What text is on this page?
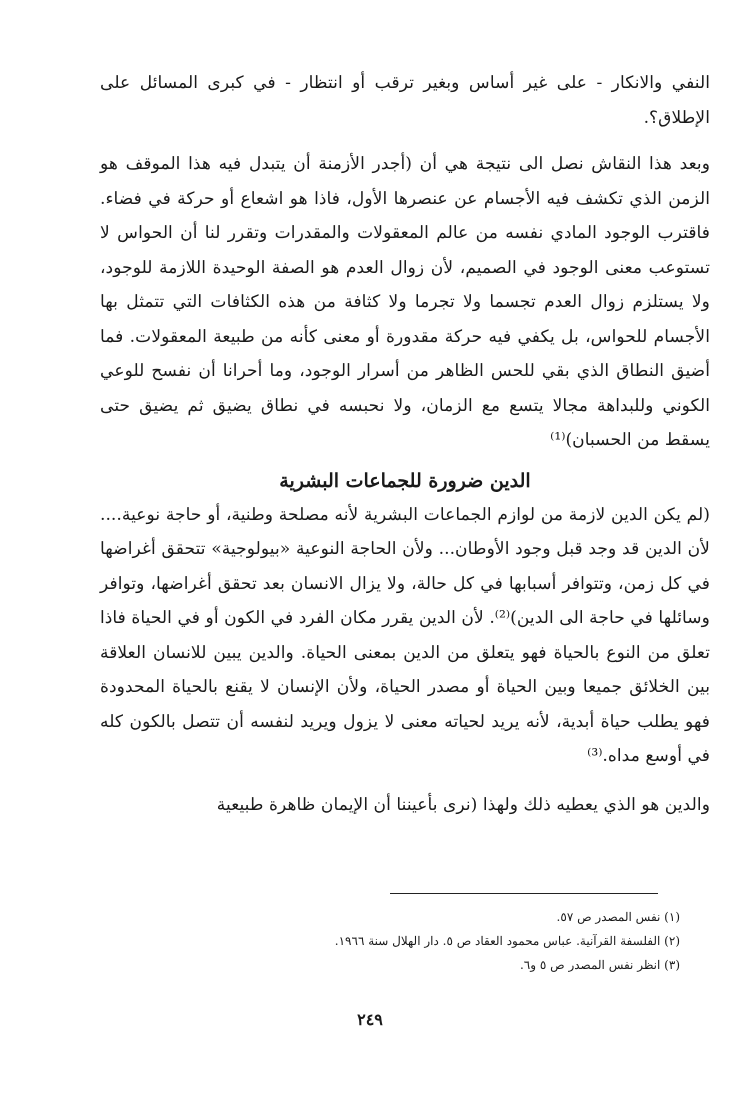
النفي والانكار - على غير أساس وبغير ترقب أو انتظار - في كبرى المسائل على الإطلاق؟.

وبعد هذا النقاش نصل الى نتيجة هي أن (أجدر الأزمنة أن يتبدل فيه هذا الموقف هو الزمن الذي تكشف فيه الأجسام عن عنصرها الأول، فاذا هو اشعاع أو حركة في فضاء. فاقترب الوجود المادي نفسه من عالم المعقولات والمقدرات وتقرر لنا أن الحواس لا تستوعب معنى الوجود في الصميم، لأن زوال العدم هو الصفة الوحيدة اللازمة للوجود، ولا يستلزم زوال العدم تجسما ولا تجرما ولا كثافة من هذه الكثافات التي تتمثل بها الأجسام للحواس، بل يكفي فيه حركة مقدورة أو معنى كأنه من طبيعة المعقولات. فما أضيق النطاق الذي بقي للحس الظاهر من أسرار الوجود، وما أحرانا أن نفسح للوعي الكوني وللبداهة مجالا يتسع مع الزمان، ولا نحبسه في نطاق يضيق ثم يضيق حتى يسقط من الحسبان)⁽¹⁾

الدين ضرورة للجماعات البشرية

(لم يكن الدين لازمة من لوازم الجماعات البشرية لأنه مصلحة وطنية، أو حاجة نوعية.... لأن الدين قد وجد قبل وجود الأوطان... ولأن الحاجة النوعية «بيولوجية» تتحقق أغراضها في كل زمن، وتتوافر أسبابها في كل حالة، ولا يزال الانسان بعد تحقق أغراضها، وتوافر وسائلها في حاجة الى الدين)⁽²⁾. لأن الدين يقرر مكان الفرد في الكون أو في الحياة فاذا تعلق من النوع بالحياة فهو يتعلق من الدين بمعنى الحياة. والدين يبين للانسان العلاقة بين الخلائق جميعا وبين الحياة أو مصدر الحياة، ولأن الإنسان لا يقنع بالحياة المحدودة فهو يطلب حياة أبدية، لأنه يريد لحياته معنى لا يزول ويريد لنفسه أن تتصل بالكون كله في أوسع مداه.⁽³⁾

والدين هو الذي يعطيه ذلك ولهذا (نرى بأعيننا أن الإيمان ظاهرة طبيعية

(١) نفس المصدر ص ٥٧.

(٢) الفلسفة القرآنية. عباس محمود العقاد ص ٥. دار الهلال سنة ١٩٦٦.

(٣) انظر نفس المصدر ص ٥ و٦.

٢٤٩
